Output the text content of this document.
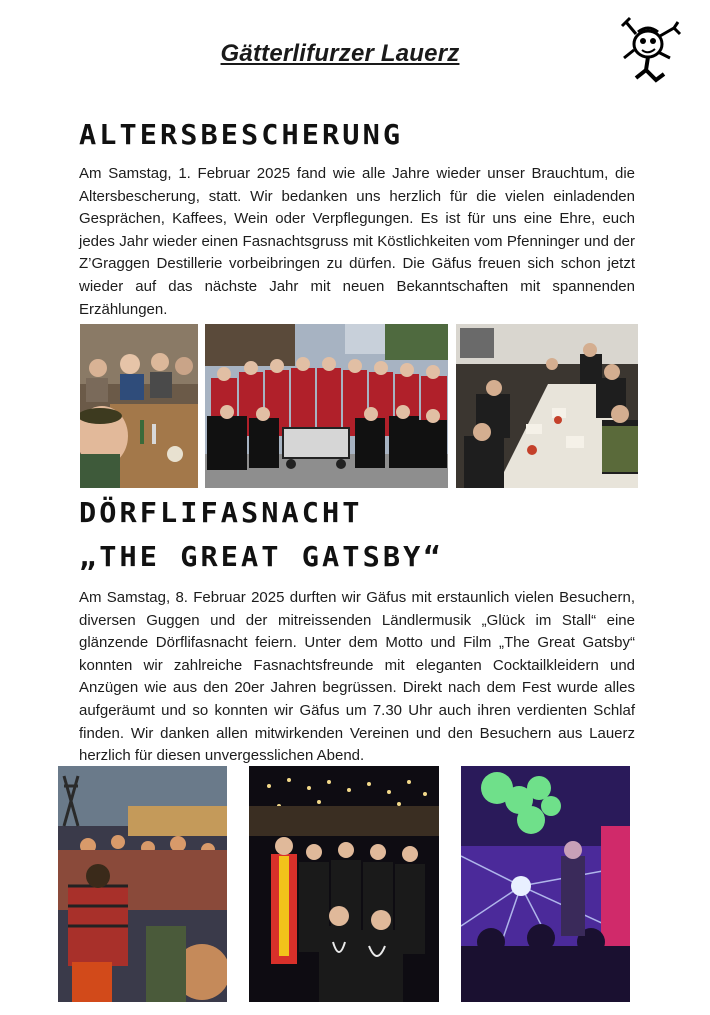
Gätterlifurzer Lauerz
ALTERSBESCHERUNG

Am Samstag, 1. Februar 2025 fand wie alle Jahre wieder unser Brauchtum, die Altersbescherung, statt. Wir bedanken uns herzlich für die vielen einladenden Gesprächen, Kaffees, Wein oder Verpflegungen. Es ist für uns eine Ehre, euch jedes Jahr wieder einen Fasnachtsgruss mit Köstlichkeiten vom Pfenninger und der Z’Graggen Destillerie vorbeibringen zu dürfen. Die Gäfus freuen sich schon jetzt wieder auf das nächste Jahr mit neuen Bekanntschaften mit spannenden Erzählungen.

DÖRFLIFASNACHT
„THE GREAT GATSBY“

Am Samstag, 8. Februar 2025 durften wir Gäfus mit erstaunlich vielen Besuchern, diversen Guggen und der mitreissenden Ländlermusik „Glück im Stall“ eine glänzende Dörflifasnacht feiern. Unter dem Motto und Film „The Great Gatsby“ konnten wir zahlreiche Fasnachtsfreunde mit eleganten Cocktailkleidern und Anzügen wie aus den 20er Jahren begrüssen. Direkt nach dem Fest wurde alles aufgeräumt und so konnten wir Gäfus um 7.30 Uhr auch ihren verdienten Schlaf finden. Wir danken allen mitwirkenden Vereinen und den Besuchern aus Lauerz herzlich für diesen unvergesslichen Abend.
